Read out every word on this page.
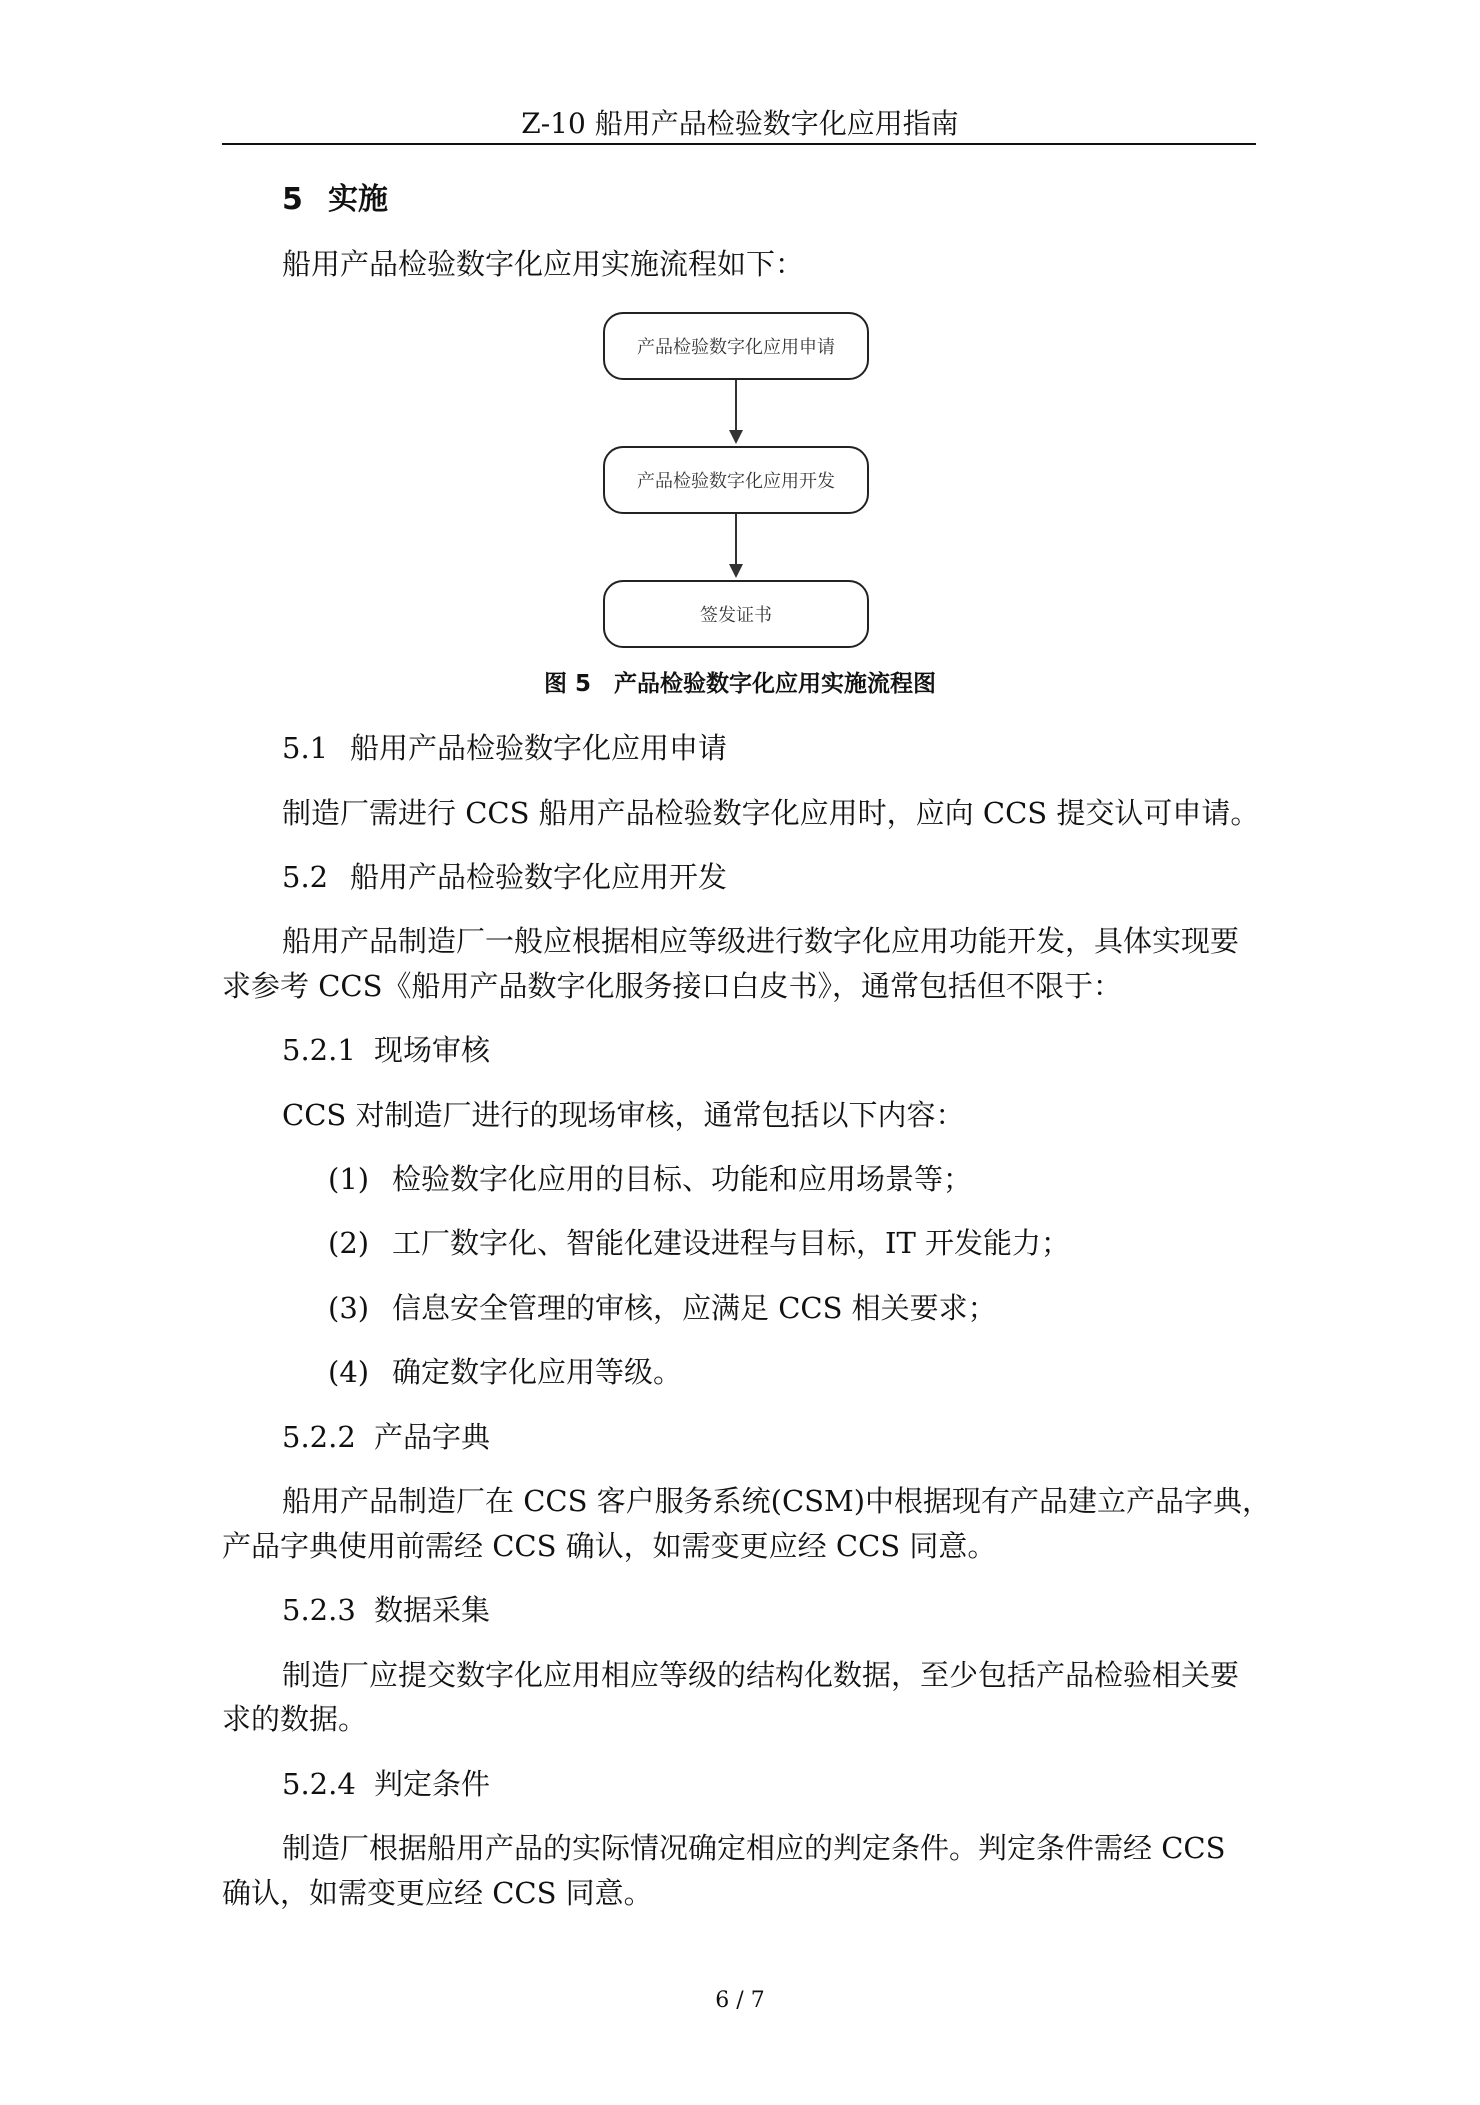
Z-10 船用产品检验数字化应用指南
5 实施
船用产品检验数字化应用实施流程如下：
产品检验数字化应用申请
产品检验数字化应用开发
签发证书
图 5　产品检验数字化应用实施流程图
5.1 船用产品检验数字化应用申请
制造厂需进行 CCS 船用产品检验数字化应用时，应向 CCS 提交认可申请。
5.2 船用产品检验数字化应用开发
船用产品制造厂一般应根据相应等级进行数字化应用功能开发，具体实现要
求参考 CCS《船用产品数字化服务接口白皮书》，通常包括但不限于：
5.2.1 现场审核
CCS 对制造厂进行的现场审核，通常包括以下内容：
(1) 检验数字化应用的目标、功能和应用场景等；
(2) 工厂数字化、智能化建设进程与目标，IT 开发能力；
(3) 信息安全管理的审核，应满足 CCS 相关要求；
(4) 确定数字化应用等级。
5.2.2 产品字典
船用产品制造厂在 CCS 客户服务系统(CSM)中根据现有产品建立产品字典，
产品字典使用前需经 CCS 确认，如需变更应经 CCS 同意。
5.2.3 数据采集
制造厂应提交数字化应用相应等级的结构化数据，至少包括产品检验相关要
求的数据。
5.2.4 判定条件
制造厂根据船用产品的实际情况确定相应的判定条件。判定条件需经 CCS
确认，如需变更应经 CCS 同意。
6 / 7
